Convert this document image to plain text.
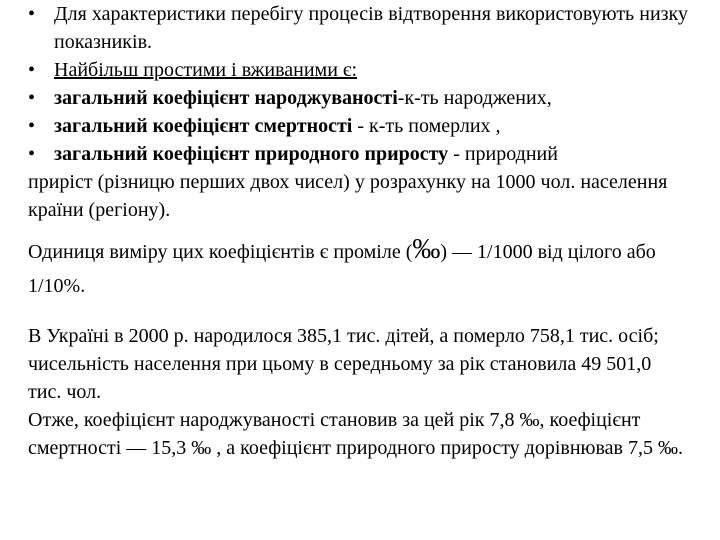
• Для характеристики перебігу процесів відтворення використовують низку показників.
• Найбільш простими і вживаними є:
• загальний коефіцієнт народжуваності-к-ть народжених,
• загальний коефіцієнт смертності - к-ть померлих ,
• загальний коефіцієнт природного приросту - природний

приріст (різницю перших двох чисел) у розрахунку на 1000 чол. населення країни (регіону).

Одиниця виміру цих коефіцієнтів є проміле (‰) — 1/1000 від цілого або 1/10%.

В Україні в 2000 р. народилося 385,1 тис. дітей, а померло 758,1 тис. осіб; чисельність населення при цьому в середньому за рік становила 49 501,0 тис. чол.

Отже, коефіцієнт народжуваності становив за цей рік 7,8 ‰, коефіцієнт смертності — 15,3 ‰ , а коефіцієнт природного приросту дорівнював 7,5 ‰.
